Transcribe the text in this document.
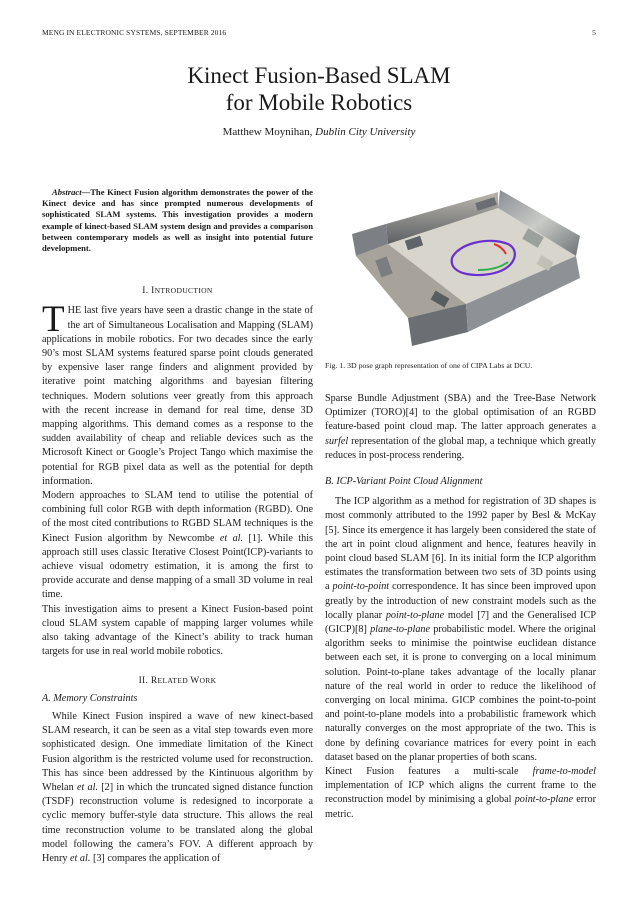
MENG IN ELECTRONIC SYSTEMS, SEPTEMBER 2016	5
Kinect Fusion-Based SLAM
for Mobile Robotics
Matthew Moynihan, Dublin City University

Abstract—The Kinect Fusion algorithm demonstrates the power of the Kinect device and has since prompted numerous developments of sophisticated SLAM systems. This investigation provides a modern example of kinect-based SLAM system design and provides a comparison between contemporary models as well as insight into potential future development.

I. INTRODUCTION

THE last five years have seen a drastic change in the state of the art of Simultaneous Localisation and Mapping (SLAM) applications in mobile robotics. For two decades since the early 90’s most SLAM systems featured sparse point clouds generated by expensive laser range finders and alignment provided by iterative point matching algorithms and bayesian filtering techniques. Modern solutions veer greatly from this approach with the recent increase in demand for real time, dense 3D mapping algorithms. This demand comes as a response to the sudden availability of cheap and reliable devices such as the Microsoft Kinect or Google’s Project Tango which maximise the potential for RGB pixel data as well as the potential for depth information.

Modern approaches to SLAM tend to utilise the potential of combining full color RGB with depth information (RGBD). One of the most cited contributions to RGBD SLAM techniques is the Kinect Fusion algorithm by Newcombe et al. [1]. While this approach still uses classic Iterative Closest Point(ICP)-variants to achieve visual odometry estimation, it is among the first to provide accurate and dense mapping of a small 3D volume in real time.

This investigation aims to present a Kinect Fusion-based point cloud SLAM system capable of mapping larger volumes while also taking advantage of the Kinect’s ability to track human targets for use in real world mobile robotics.

II. RELATED WORK

A. Memory Constraints

While Kinect Fusion inspired a wave of new kinect-based SLAM research, it can be seen as a vital step towards even more sophisticated design. One immediate limitation of the Kinect Fusion algorithm is the restricted volume used for reconstruction. This has since been addressed by the Kintinuous algorithm by Whelan et al. [2] in which the truncated signed distance function (TSDF) reconstruction volume is redesigned to incorporate a cyclic memory buffer-style data structure. This allows the real time reconstruction volume to be translated along the global model following the camera’s FOV. A different approach by Henry et al. [3] compares the application of

Fig. 1. 3D pose graph representation of one of CIPA Labs at DCU.

Sparse Bundle Adjustment (SBA) and the Tree-Base Network Optimizer (TORO)[4] to the global optimisation of an RGBD feature-based point cloud map. The latter approach generates a surfel representation of the global map, a technique which greatly reduces in post-process rendering.

B. ICP-Variant Point Cloud Alignment

The ICP algorithm as a method for registration of 3D shapes is most commonly attributed to the 1992 paper by Besl & McKay [5]. Since its emergence it has largely been considered the state of the art in point cloud alignment and hence, features heavily in point cloud based SLAM [6]. In its initial form the ICP algorithm estimates the transformation between two sets of 3D points using a point-to-point correspondence. It has since been improved upon greatly by the introduction of new constraint models such as the locally planar point-to-plane model [7] and the Generalised ICP (GICP)[8] plane-to-plane probabilistic model. Where the original algorithm seeks to minimise the pointwise euclidean distance between each set, it is prone to converging on a local minimum solution. Point-to-plane takes advantage of the locally planar nature of the real world in order to reduce the likelihood of converging on local minima. GICP combines the point-to-point and point-to-plane models into a probabilistic framework which naturally converges on the most appropriate of the two. This is done by defining covariance matrices for every point in each dataset based on the planar properties of both scans.

Kinect Fusion features a multi-scale frame-to-model implementation of ICP which aligns the current frame to the reconstruction model by minimising a global point-to-plane error metric.
